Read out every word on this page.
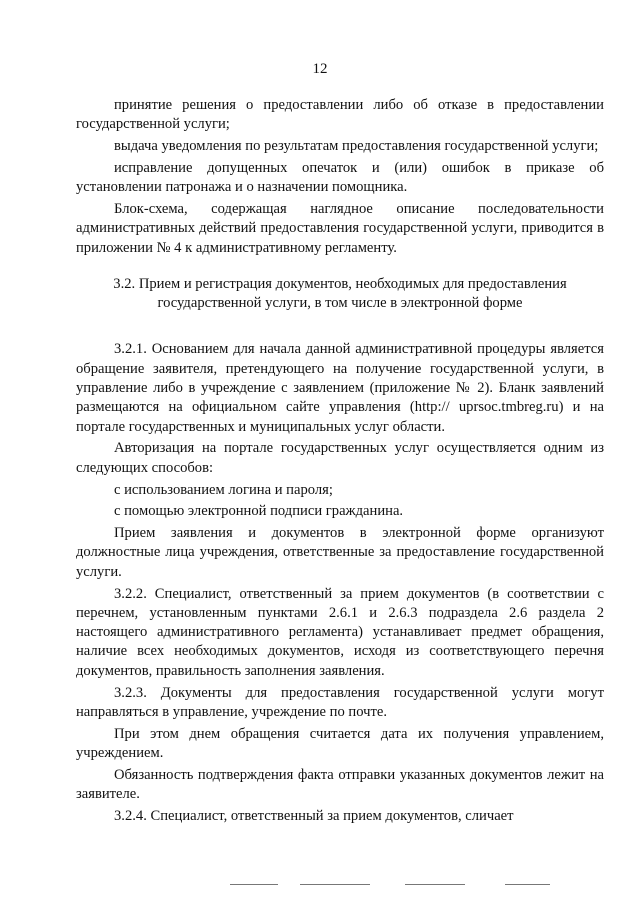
12

принятие решения о предоставлении либо об отказе в предоставлении государственной услуги;

выдача уведомления по результатам предоставления государственной услуги;

исправление допущенных опечаток и (или) ошибок в приказе об установлении патронажа и о назначении помощника.

Блок-схема, содержащая наглядное описание последовательности административных действий предоставления государственной услуги, приводится в приложении № 4 к административному регламенту.

3.2. Прием и регистрация документов, необходимых для предоставления государственной услуги, в том числе в электронной форме

3.2.1. Основанием для начала данной административной процедуры является обращение заявителя, претендующего на получение государственной услуги, в управление либо в учреждение с заявлением (приложение № 2). Бланк заявлений размещаются на официальном сайте управления (http:// uprsoc.tmbreg.ru) и на портале государственных и муниципальных услуг области.

Авторизация на портале государственных услуг осуществляется одним из следующих способов:

с использованием логина и пароля;

с помощью электронной подписи гражданина.

Прием заявления и документов в электронной форме организуют должностные лица учреждения, ответственные за предоставление государственной услуги.

3.2.2. Специалист, ответственный за прием документов (в соответствии с перечнем, установленным пунктами 2.6.1 и 2.6.3 подраздела 2.6 раздела 2 настоящего административного регламента) устанавливает предмет обращения, наличие всех необходимых документов, исходя из соответствующего перечня документов, правильность заполнения заявления.

3.2.3. Документы для предоставления государственной услуги могут направляться в управление, учреждение по почте.

При этом днем обращения считается дата их получения управлением, учреждением.

Обязанность подтверждения факта отправки указанных документов лежит на заявителе.

3.2.4. Специалист, ответственный за прием документов, сличает
